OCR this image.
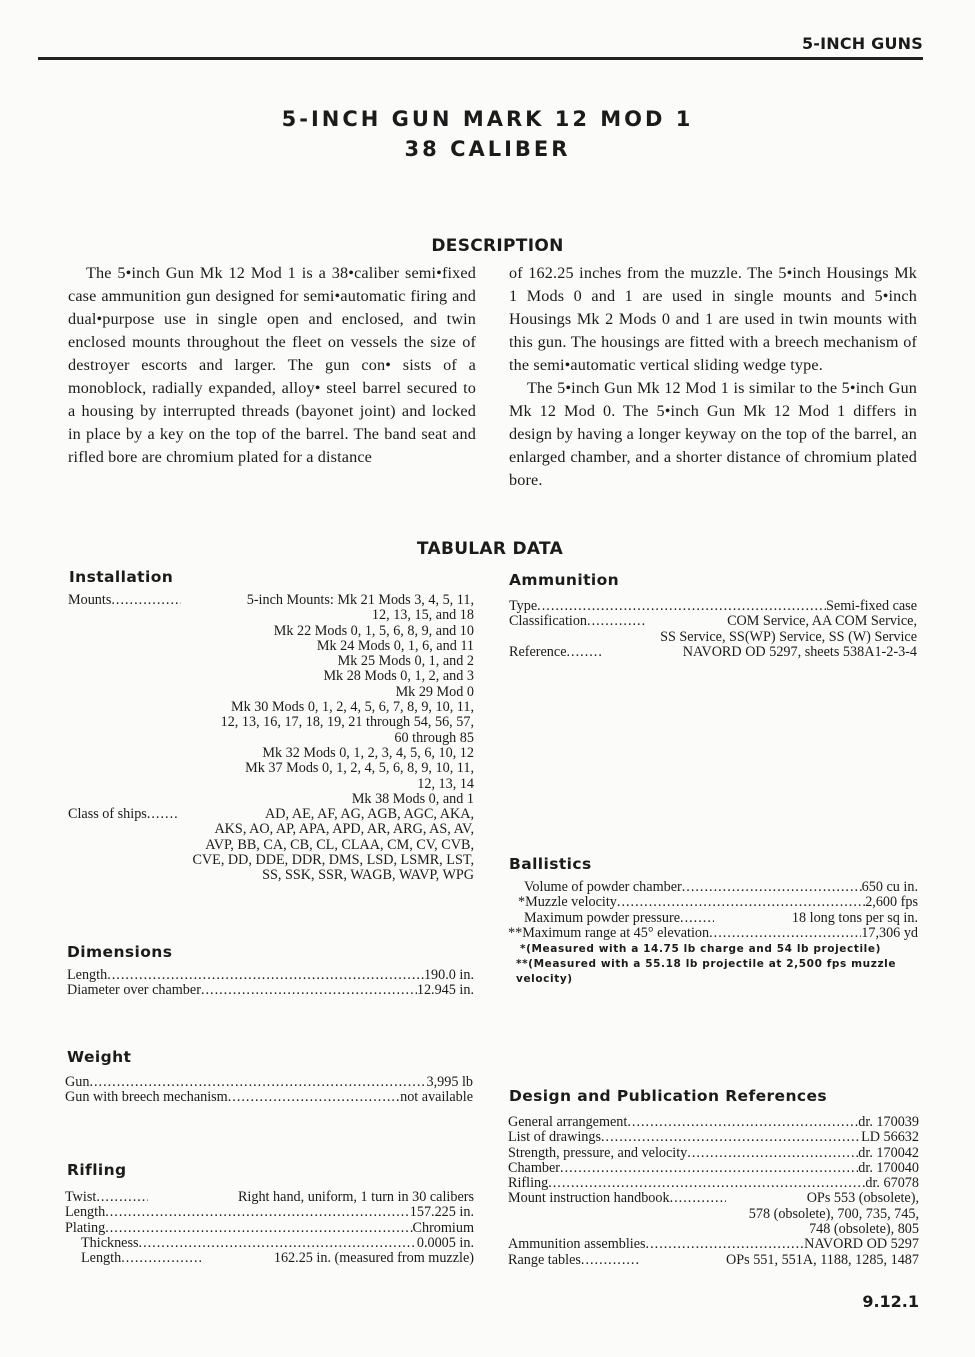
5-INCH GUNS
5-INCH GUN MARK 12 MOD 1
38 CALIBER
DESCRIPTION

The 5•inch Gun Mk 12 Mod 1 is a 38•caliber semi•fixed case ammunition gun designed for semi•automatic firing and dual•purpose use in single open and enclosed, and twin enclosed mounts throughout the fleet on vessels the size of destroyer escorts and larger. The gun con• sists of a monoblock, radially expanded, alloy• steel barrel secured to a housing by interrupted threads (bayonet joint) and locked in place by a key on the top of the barrel. The band seat and rifled bore are chromium plated for a distance

of 162.25 inches from the muzzle. The 5•inch Housings Mk 1 Mods 0 and 1 are used in single mounts and 5•inch Housings Mk 2 Mods 0 and 1 are used in twin mounts with this gun. The housings are fitted with a breech mechanism of the semi•automatic vertical sliding wedge type.

The 5•inch Gun Mk 12 Mod 1 is similar to the 5•inch Gun Mk 12 Mod 0. The 5•inch Gun Mk 12 Mod 1 differs in design by having a longer keyway on the top of the barrel, an enlarged chamber, and a shorter distance of chromium plated bore.

TABULAR DATA
Installation
Mounts .....	5-inch Mounts: Mk 21 Mods 3, 4, 5, 11,
12, 13, 15, and 18
Mk 22 Mods 0, 1, 5, 6, 8, 9, and 10
Mk 24 Mods 0, 1, 6, and 11
Mk 25 Mods 0, 1, and 2
Mk 28 Mods 0, 1, 2, and 3
Mk 29 Mod 0
Mk 30 Mods 0, 1, 2, 4, 5, 6, 7, 8, 9, 10, 11,
12, 13, 16, 17, 18, 19, 21 through 54, 56, 57,
60 through 85
Mk 32 Mods 0, 1, 2, 3, 4, 5, 6, 10, 12
Mk 37 Mods 0, 1, 2, 4, 5, 6, 8, 9, 10, 11,
12, 13, 14
Mk 38 Mods 0, and 1
Class of ships .....	AD, AE, AF, AG, AGB, AGC, AKA,
AKS, AO, AP, APA, APD, AR, ARG, AS, AV,
AVP, BB, CA, CB, CL, CLAA, CM, CV, CVB,
CVE, DD, DDE, DDR, DMS, LSD, LSMR, LST,
SS, SSK, SSR, WAGB, WAVP, WPG
Dimensions
Length .....	190.0 in.
Diameter over chamber .....	12.945 in.
Weight
Gun .....	3,995 lb
Gun with breech mechanism .....	not available
Rifling
Twist .....	Right hand, uniform, 1 turn in 30 calibers
Length .....	157.225 in.
Plating .....	Chromium
Thickness .....	0.0005 in.
Length .....	162.25 in. (measured from muzzle)
Ammunition
Type .....	Semi-fixed case
Classification .....	COM Service, AA COM Service,
SS Service, SS(WP) Service, SS (W) Service
Reference .....	NAVORD OD 5297, sheets 538A1-2-3-4
Ballistics
Volume of powder chamber .....	650 cu in.
*Muzzle velocity .....	2,600 fps
Maximum powder pressure .....	18 long tons per sq in.
**Maximum range at 45° elevation .....	17,306 yd
*(Measured with a 14.75 lb charge and 54 lb projectile)
**(Measured with a 55.18 lb projectile at 2,500 fps muzzle velocity)
Design and Publication References
General arrangement .....	dr. 170039
List of drawings .....	LD 56632
Strength, pressure, and velocity .....	dr. 170042
Chamber .....	dr. 170040
Rifling .....	dr. 67078
Mount instruction handbook .....	OPs 553 (obsolete),
578 (obsolete), 700, 735, 745,
748 (obsolete), 805
Ammunition assemblies .....	NAVORD OD 5297
Range tables .....	OPs 551, 551A, 1188, 1285, 1487
9.12.1
